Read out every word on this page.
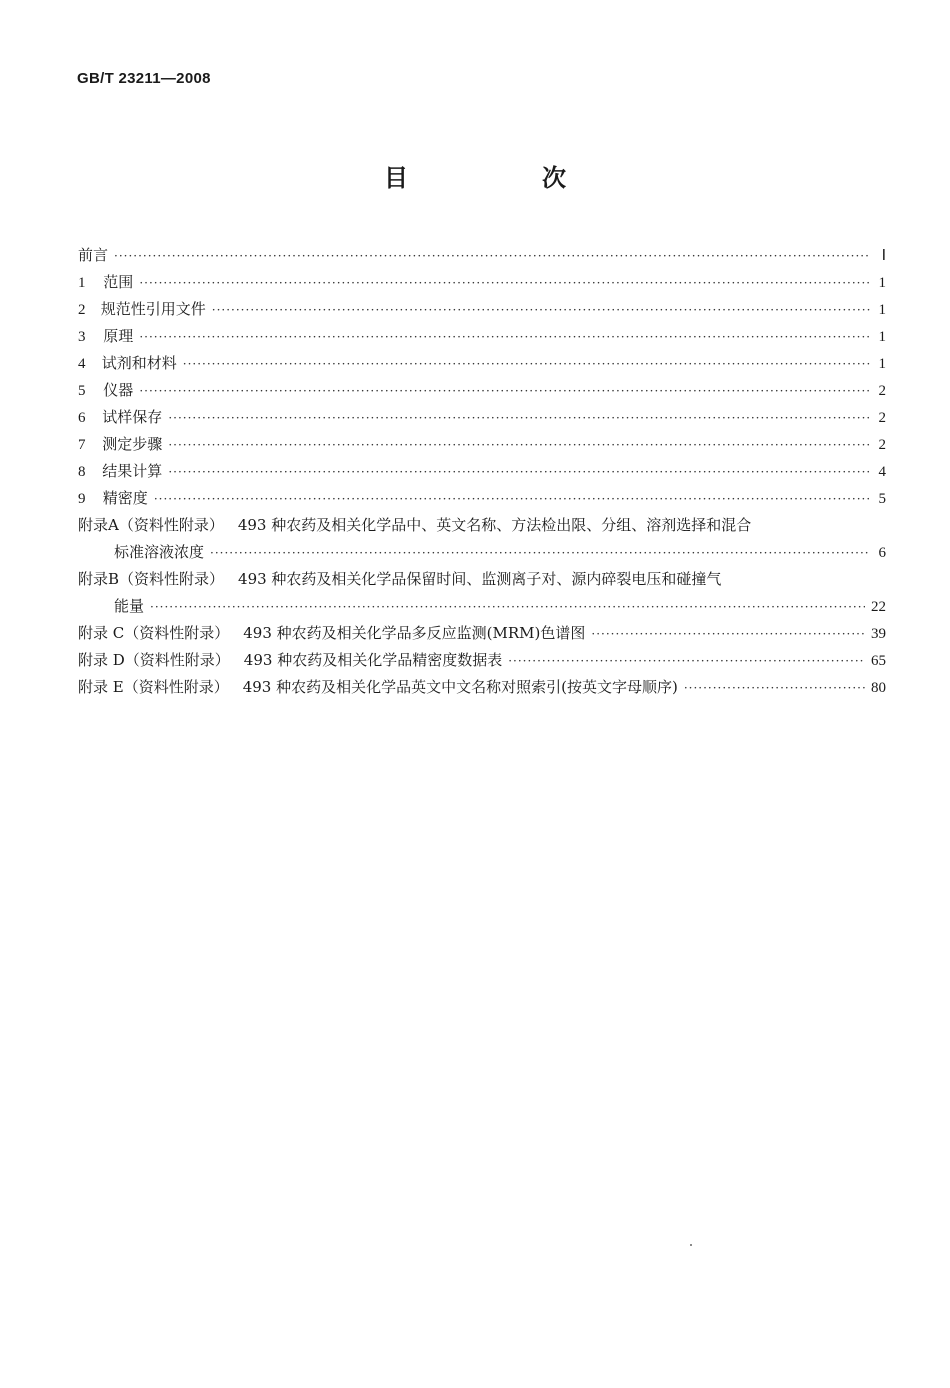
GB/T 23211—2008
目　次
前言 ·····	Ⅰ
1	范围 ·····	1
2	规范性引用文件 ·····	1
3	原理 ·····	1
4	试剂和材料 ·····	1
5	仪器 ·····	2
6	试样保存 ·····	2
7	测定步骤 ·····	2
8	结果计算 ·····	4
9	精密度 ·····	5
附录A（资料性附录） 493 种农药及相关化学品中、英文名称、方法检出限、分组、溶剂选择和混合
标准溶液浓度 ·····	6
附录B（资料性附录） 493 种农药及相关化学品保留时间、监测离子对、源内碎裂电压和碰撞气
能量 ·····	22
附录 C（资料性附录） 493 种农药及相关化学品多反应监测(MRM)色谱图 ·····	39
附录 D（资料性附录） 493 种农药及相关化学品精密度数据表 ·····	65
附录 E（资料性附录） 493 种农药及相关化学品英文中文名称对照索引(按英文字母顺序) ·····	80
